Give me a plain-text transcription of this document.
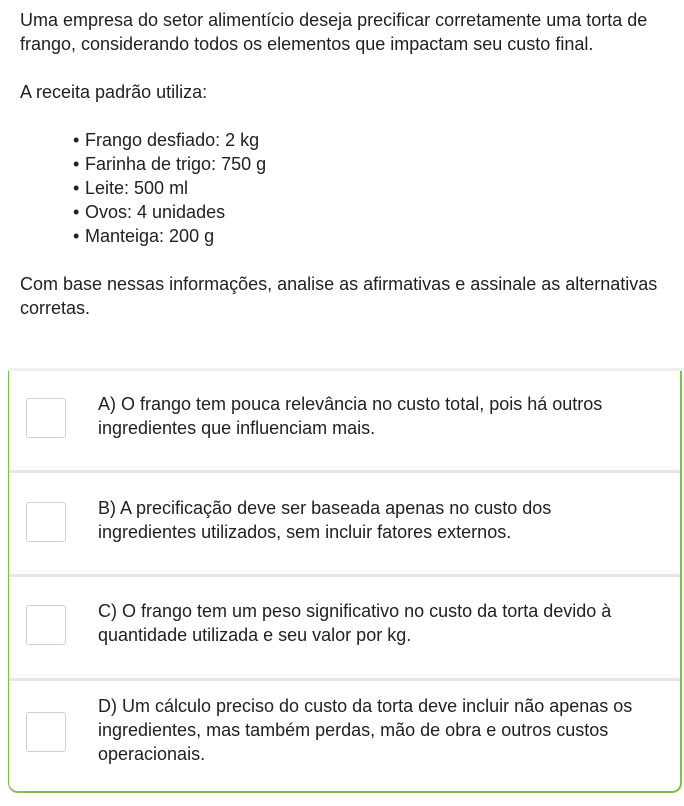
Uma empresa do setor alimentício deseja precificar corretamente uma torta de frango, considerando todos os elementos que impactam seu custo final.

A receita padrão utiliza:

• Frango desfiado: 2 kg
• Farinha de trigo: 750 g
• Leite: 500 ml
• Ovos: 4 unidades
• Manteiga: 200 g

Com base nessas informações, analise as afirmativas e assinale as alternativas corretas.

A) O frango tem pouca relevância no custo total, pois há outros ingredientes que influenciam mais.
B) A precificação deve ser baseada apenas no custo dos ingredientes utilizados, sem incluir fatores externos.
C) O frango tem um peso significativo no custo da torta devido à quantidade utilizada e seu valor por kg.
D) Um cálculo preciso do custo da torta deve incluir não apenas os ingredientes, mas também perdas, mão de obra e outros custos operacionais.
